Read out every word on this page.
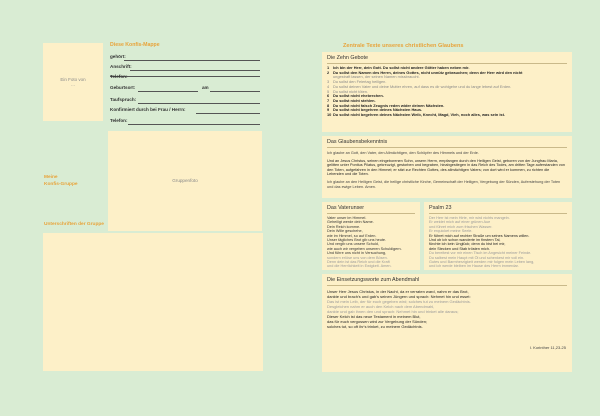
Ein Foto von
...
Diese Konfis-Mappe
gehört:
Anschrift:
Telefon:
Geburtsort:	am
Taufspruch:
Konfirmiert durch bei Frau / Herrn:
Telefon:
Meine
Konfis-Gruppe
Gruppenfoto
Unterschriften der Gruppe
Zentrale Texte unseres christlichen Glaubens
Die Zehn Gebote
1 Ich bin der Herr, dein Gott. Du sollst nicht andere Götter haben neben mir.
2 Du sollst den Namen des Herrn, deines Gottes, nicht unnütz gebrauchen; denn der Herr wird den nicht
ungestraft lassen, der seinen Namen missbraucht.
3 Du sollst den Feiertag heiligen.
4 Du sollst deinen Vater und deine Mutter ehren, auf dass es dir wohlgehe und du lange lebest auf Erden.
5 Du sollst nicht töten.
6 Du sollst nicht ehebrechen.
7 Du sollst nicht stehlen.
8 Du sollst nicht falsch Zeugnis reden wider deinen Nächsten.
9 Du sollst nicht begehren deines Nächsten Haus.
10 Du sollst nicht begehren deines Nächsten Weib, Knecht, Magd, Vieh, noch alles, was sein ist.
Das Glaubensbekenntnis
Ich glaube an Gott, den Vater, den Allmächtigen, den Schöpfer des Himmels und der Erde.
Und an Jesus Christus, seinen eingeborenen Sohn, unsern Herrn, empfangen durch den Heiligen Geist, geboren von der Jungfrau Maria, gelitten unter Pontius Pilatus, gekreuzigt, gestorben und begraben, hinabgestiegen in das Reich des Todes, am dritten Tage auferstanden von den Toten, aufgefahren in den Himmel; er sitzt zur Rechten Gottes, des allmächtigen Vaters; von dort wird er kommen, zu richten die Lebenden und die Toten.
Ich glaube an den Heiligen Geist, die heilige christliche Kirche, Gemeinschaft der Heiligen, Vergebung der Sünden, Auferstehung der Toten und das ewige Leben. Amen.
Das Vaterunser
Vater unser im Himmel.
Geheiligt werde dein Name.
Dein Reich komme.
Dein Wille geschehe,
wie im Himmel, so auf Erden.
Unser tägliches Brot gib uns heute.
Und vergib uns unsere Schuld,
wie auch wir vergeben unseren Schuldigern.
Und führe uns nicht in Versuchung,
sondern erlöse uns von dem Bösen.
Denn dein ist das Reich und die Kraft
und die Herrlichkeit in Ewigkeit. Amen.
Psalm 23
Der Herr ist mein Hirte, mir wird nichts mangeln.
Er weidet mich auf einer grünen Aue
und führet mich zum frischen Wasser.
Er erquicket meine Seele.
Er führet mich auf rechter Straße um seines Namens willen.
Und ob ich schon wanderte im finstern Tal,
fürchte ich kein Unglück; denn du bist bei mir,
dein Stecken und Stab trösten mich.
Du bereitest vor mir einen Tisch im Angesicht meiner Feinde.
Du salbest mein Haupt mit Öl und schenkest mir voll ein.
Gutes und Barmherzigkeit werden mir folgen mein Leben lang,
und ich werde bleiben im Hause des Herrn immerdar.
Die Einsetzungsworte zum Abendmahl
Unser Herr Jesus Christus, in der Nacht, da er verraten ward, nahm er das Brot,
dankte und brach's und gab's seinen Jüngern und sprach: Nehmet hin und esset:
Das ist mein Leib, der für euch gegeben wird; solches tut zu meinem Gedächtnis.
Desgleichen nahm er auch den Kelch nach dem Abendmahl,
dankte und gab ihnen den und sprach: Nehmet hin und trinket alle daraus;
Dieser Kelch ist das neue Testament in meinem Blut,
das für euch vergossen wird zur Vergebung der Sünden;
solches tut, so oft ihr's trinket, zu meinem Gedächtnis.
I. Korinther 11,23-25
